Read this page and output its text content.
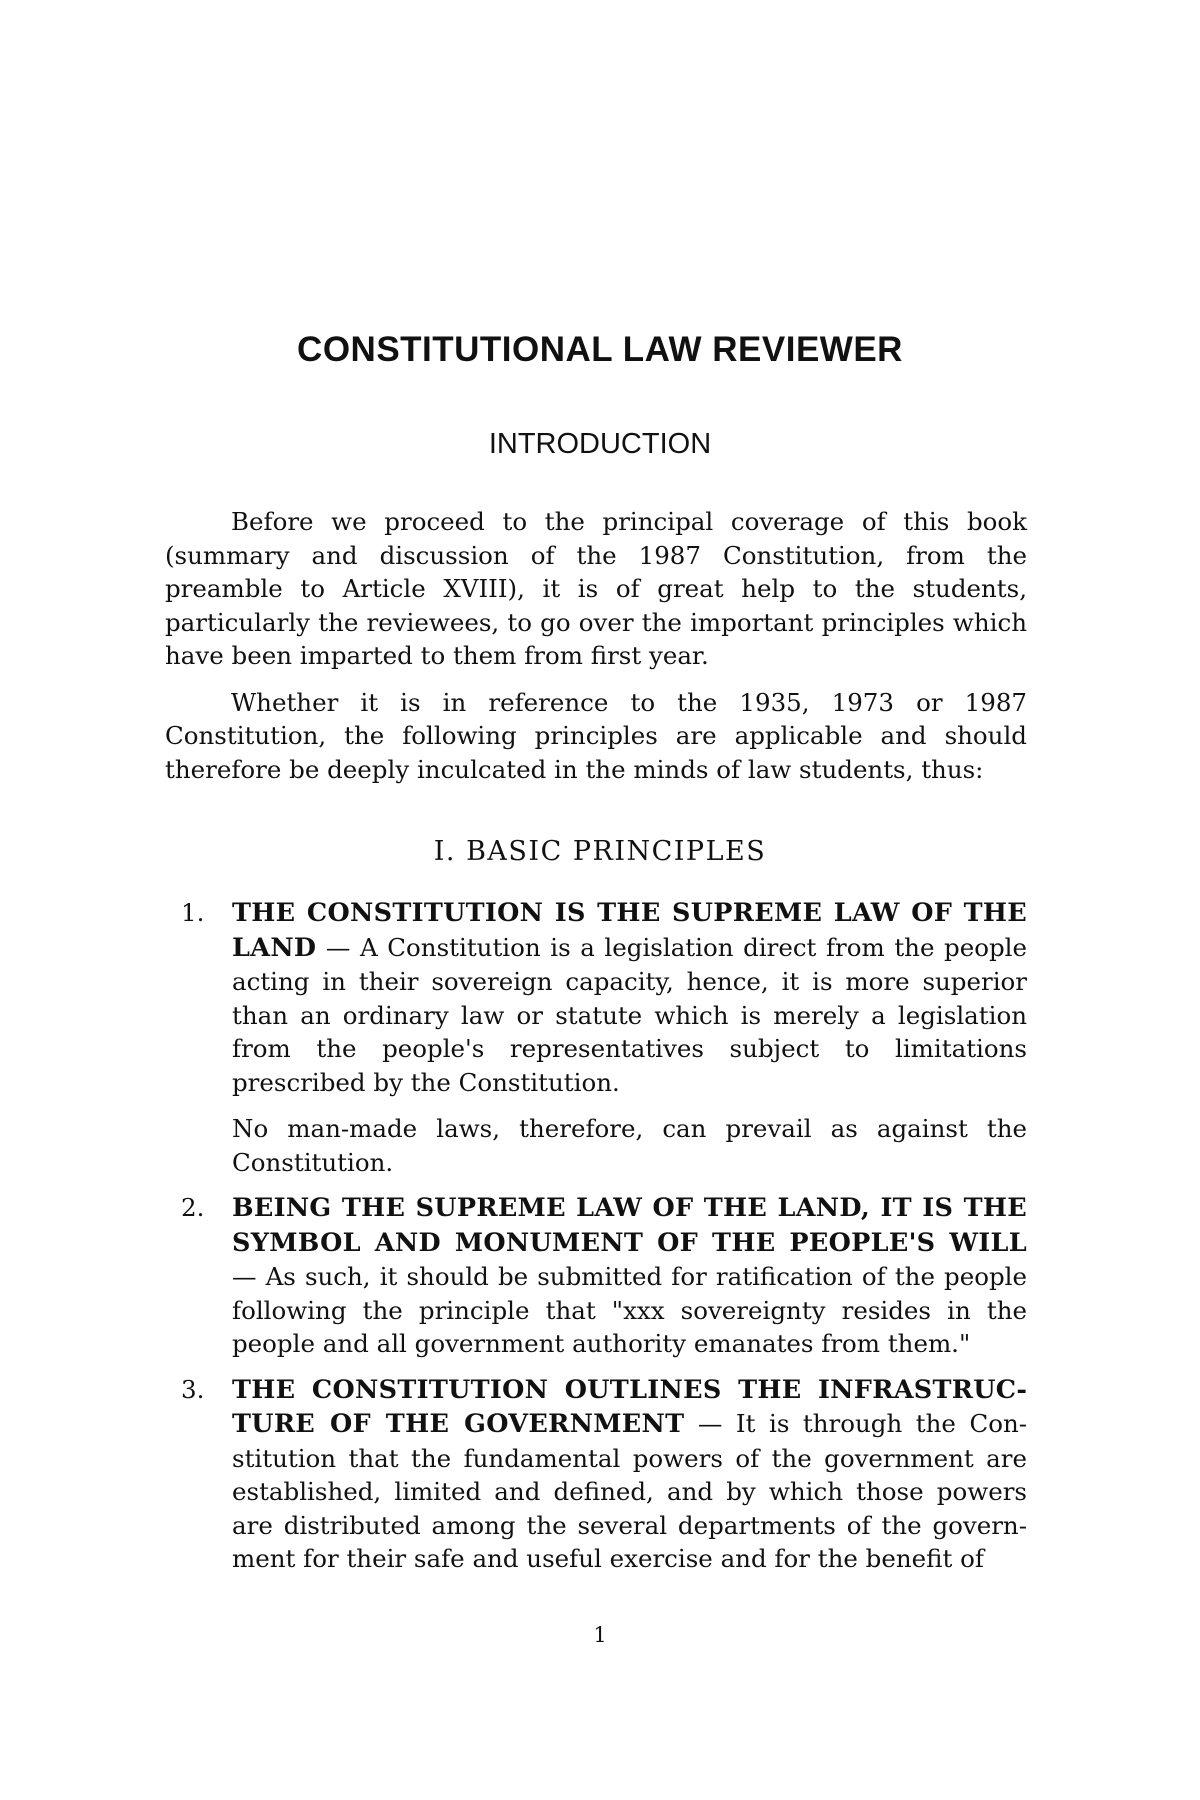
CONSTITUTIONAL LAW REVIEWER
INTRODUCTION

Before we proceed to the principal coverage of this book (summary and discussion of the 1987 Constitution, from the preamble to Article XVIII), it is of great help to the students, particularly the reviewees, to go over the important principles which have been imparted to them from first year.

Whether it is in reference to the 1935, 1973 or 1987 Constitution, the following principles are applicable and should therefore be deeply inculcated in the minds of law students, thus:

I. BASIC PRINCIPLES
1. THE CONSTITUTION IS THE SUPREME LAW OF THE LAND — A Constitution is a legislation direct from the people acting in their sovereign capacity, hence, it is more superior than an ordinary law or statute which is merely a legislation from the people's representatives subject to limitations prescribed by the Constitution.

No man-made laws, therefore, can prevail as against the Constitution.

2. BEING THE SUPREME LAW OF THE LAND, IT IS THE SYMBOL AND MONUMENT OF THE PEOPLE'S WILL — As such, it should be submitted for ratification of the people following the principle that "xxx sovereignty resides in the people and all government authority emanates from them."

3. THE CONSTITUTION OUTLINES THE INFRASTRUCTURE OF THE GOVERNMENT — It is through the Constitution that the fundamental powers of the government are established, limited and defined, and by which those powers are distributed among the several departments of the government for their safe and useful exercise and for the benefit of

1
